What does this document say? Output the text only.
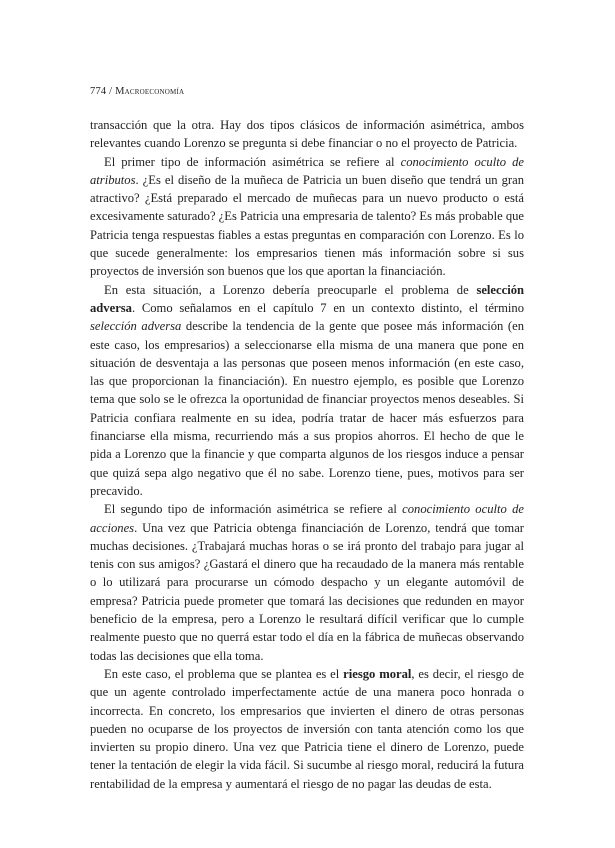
774 / Macroeconomía

transacción que la otra. Hay dos tipos clásicos de información asimétrica, ambos relevantes cuando Lorenzo se pregunta si debe financiar o no el proyecto de Patricia.

El primer tipo de información asimétrica se refiere al conocimiento oculto de atributos. ¿Es el diseño de la muñeca de Patricia un buen diseño que tendrá un gran atractivo? ¿Está preparado el mercado de muñecas para un nuevo producto o está excesivamente saturado? ¿Es Patricia una empresaria de talento? Es más probable que Patricia tenga respuestas fiables a estas preguntas en comparación con Lorenzo. Es lo que sucede generalmente: los empresarios tienen más información sobre si sus proyectos de inversión son buenos que los que aportan la financiación.

En esta situación, a Lorenzo debería preocuparle el problema de selección adversa. Como señalamos en el capítulo 7 en un contexto distinto, el término selección adversa describe la tendencia de la gente que posee más información (en este caso, los empresarios) a seleccionarse ella misma de una manera que pone en situación de desventaja a las personas que poseen menos información (en este caso, las que proporcionan la financiación). En nuestro ejemplo, es posible que Lorenzo tema que solo se le ofrezca la oportunidad de financiar proyectos menos deseables. Si Patricia confiara realmente en su idea, podría tratar de hacer más esfuerzos para financiarse ella misma, recurriendo más a sus propios ahorros. El hecho de que le pida a Lorenzo que la financie y que comparta algunos de los riesgos induce a pensar que quizá sepa algo negativo que él no sabe. Lorenzo tiene, pues, motivos para ser precavido.

El segundo tipo de información asimétrica se refiere al conocimiento oculto de acciones. Una vez que Patricia obtenga financiación de Lorenzo, tendrá que tomar muchas decisiones. ¿Trabajará muchas horas o se irá pronto del trabajo para jugar al tenis con sus amigos? ¿Gastará el dinero que ha recaudado de la manera más rentable o lo utilizará para procurarse un cómodo despacho y un elegante automóvil de empresa? Patricia puede prometer que tomará las decisiones que redunden en mayor beneficio de la empresa, pero a Lorenzo le resultará difícil verificar que lo cumple realmente puesto que no querrá estar todo el día en la fábrica de muñecas observando todas las decisiones que ella toma.

En este caso, el problema que se plantea es el riesgo moral, es decir, el riesgo de que un agente controlado imperfectamente actúe de una manera poco honrada o incorrecta. En concreto, los empresarios que invierten el dinero de otras personas pueden no ocuparse de los proyectos de inversión con tanta atención como los que invierten su propio dinero. Una vez que Patricia tiene el dinero de Lorenzo, puede tener la tentación de elegir la vida fácil. Si sucumbe al riesgo moral, reducirá la futura rentabilidad de la empresa y aumentará el riesgo de no pagar las deudas de esta.
